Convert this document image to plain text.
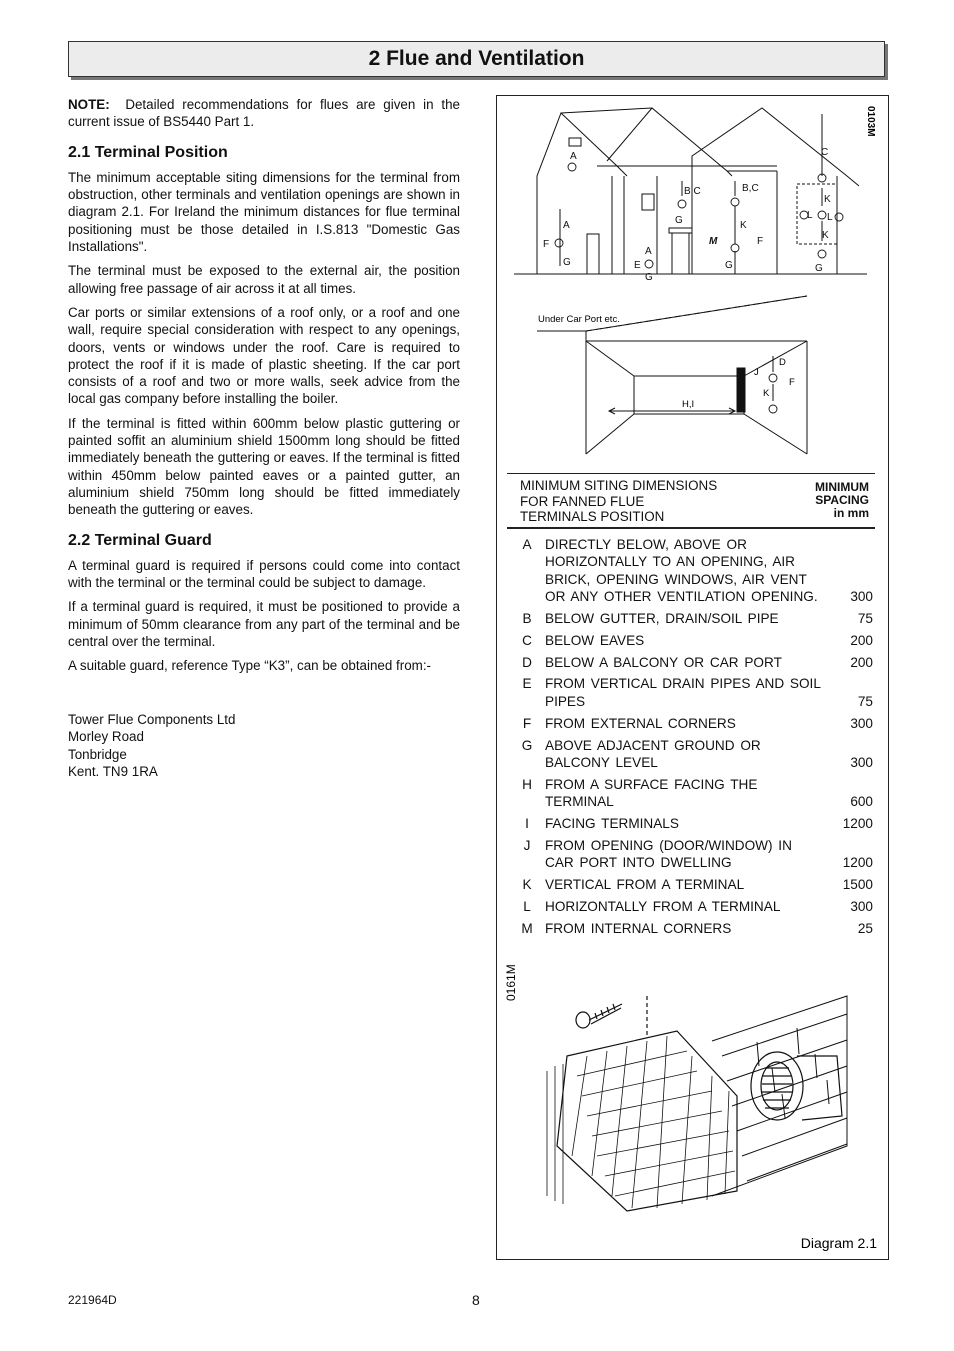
2 Flue and Ventilation

NOTE: Detailed recommendations for flues are given in the current issue of BS5440 Part 1.

2.1 Terminal Position

The minimum acceptable siting dimensions for the terminal from obstruction, other terminals and ventilation openings are shown in diagram 2.1. For Ireland the minimum distances for flue terminal positioning must be those detailed in I.S.813 "Domestic Gas Installations".

The terminal must be exposed to the external air, the position allowing free passage of air across it at all times.

Car ports or similar extensions of a roof only, or a roof and one wall, require special consideration with respect to any openings, doors, vents or windows under the roof. Care is required to protect the roof if it is made of plastic sheeting. If the car port consists of a roof and two or more walls, seek advice from the local gas company before installing the boiler.

If the terminal is fitted within 600mm below plastic guttering or painted soffit an aluminium shield 1500mm long should be fitted immediately beneath the guttering or eaves. If the terminal is fitted within 450mm below painted eaves or a painted gutter, an aluminium shield 750mm long should be fitted immediately beneath the guttering or eaves.

2.2 Terminal Guard

A terminal guard is required if persons could come into contact with the terminal or the terminal could be subject to damage.

If a terminal guard is required, it must be positioned to provide a minimum of 50mm clearance from any part of the terminal and be central over the terminal.

A suitable guard, reference Type “K3”, can be obtained from:-

Tower Flue Components Ltd
Morley Road
Tonbridge
Kent. TN9 1RA
A
A
F
G
B,C
G
A
E
G
B,C
K
M
G
F
C
L
K
L
K
G
0103M
Under Car Port etc.
H,I
D
J
F
K
0161M
Diagram 2.1
MINIMUM SITING DIMENSIONS
FOR FANNED FLUE
TERMINALS POSITION
MINIMUM
SPACING
in mm
A DIRECTLY BELOW, ABOVE OR HORIZONTALLY TO AN OPENING, AIR BRICK, OPENING WINDOWS, AIR VENT OR ANY OTHER VENTILATION OPENING.	300
B BELOW GUTTER, DRAIN/SOIL PIPE	75
C BELOW EAVES	200
D BELOW A BALCONY OR CAR PORT	200
E FROM VERTICAL DRAIN PIPES AND SOIL PIPES	75
F	FROM EXTERNAL CORNERS	300
G ABOVE ADJACENT GROUND OR BALCONY LEVEL	300
H FROM A SURFACE FACING THE TERMINAL	600
I	FACING TERMINALS	1200
J	FROM OPENING (DOOR/WINDOW) IN CAR PORT INTO DWELLING	1200
K VERTICAL FROM A TERMINAL	1500
L	HORIZONTALLY FROM A TERMINAL	300
M FROM INTERNAL CORNERS	25
221964D	8
